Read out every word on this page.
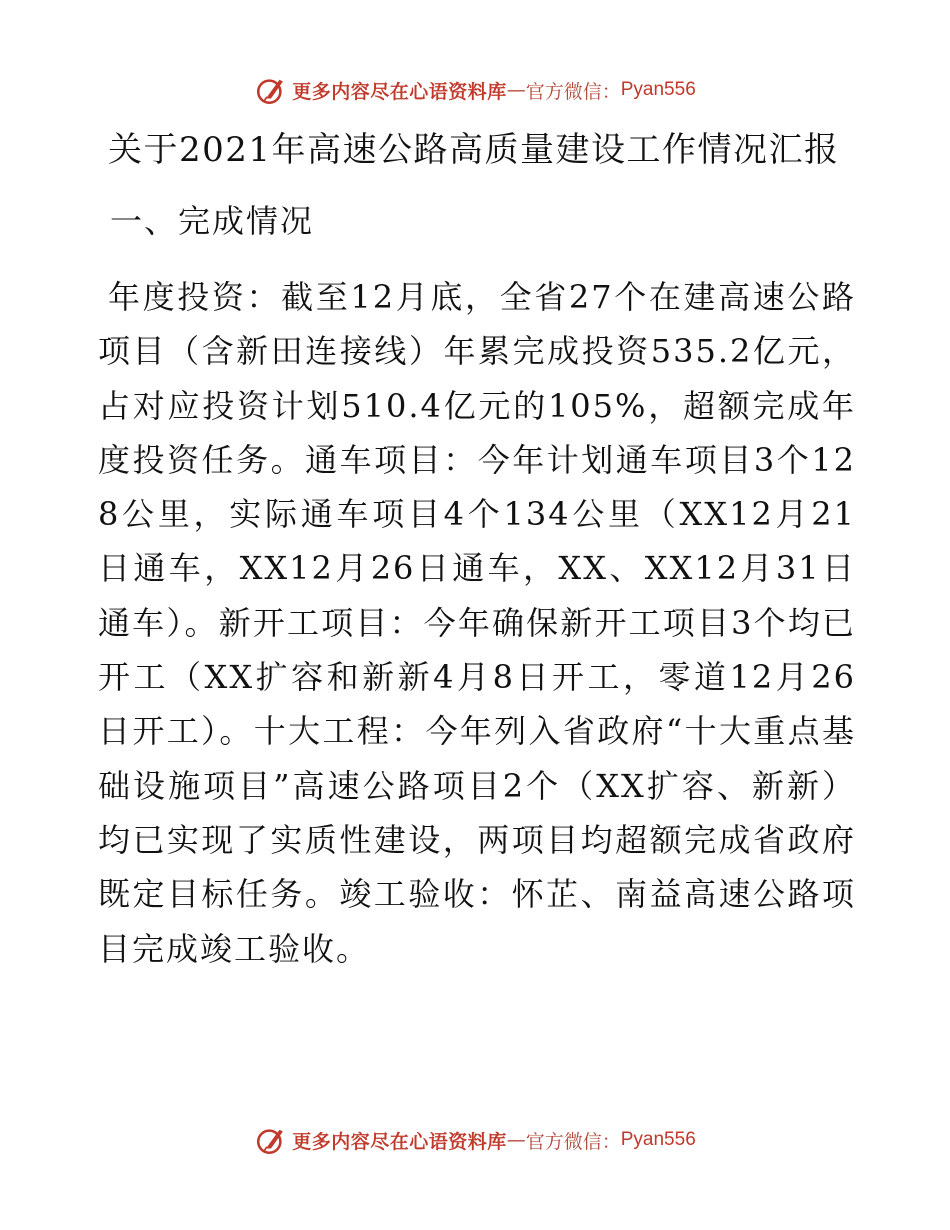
更多内容尽在心语资料库 — 官方微信： Pyan556
关于2021年高速公路高质量建设工作情况汇报
一、完成情况

年度投资：截至12月底，全省27个在建高速公路项目（含新田连接线）年累完成投资535.2亿元，占对应投资计划510.4亿元的105%，超额完成年度投资任务。通车项目：今年计划通车项目3个128公里，实际通车项目4个134公里（XX12月21日通车，XX12月26日通车，XX、XX12月31日通车）。新开工项目：今年确保新开工项目3个均已开工（XX扩容和新新4月8日开工，零道12月26日开工）。十大工程：今年列入省政府“十大重点基础设施项目”高速公路项目2个（XX扩容、新新）均已实现了实质性建设，两项目均超额完成省政府既定目标任务。竣工验收：怀芷、南益高速公路项目完成竣工验收。

更多内容尽在心语资料库 — 官方微信： Pyan556
